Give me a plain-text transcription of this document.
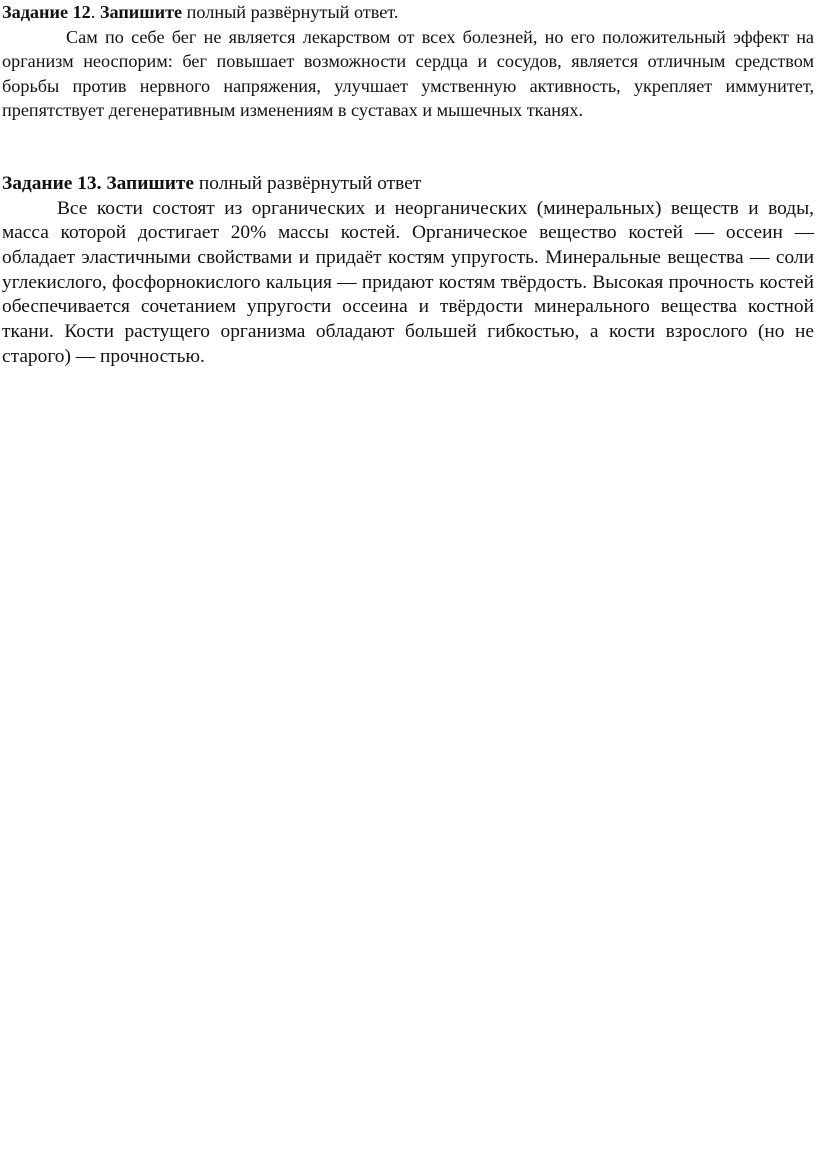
Задание 12. Запишите полный развёрнутый ответ.

Сам по себе бег не является лекарством от всех болезней, но его положительный эффект на организм неоспорим: бег повышает возможности сердца и сосудов, является отличным средством борьбы против нервного напряжения, улучшает умственную активность, укрепляет иммунитет, препятствует дегенеративным изменениям в суставах и мышечных тканях.

Задание 13. Запишите полный развёрнутый ответ

Все кости состоят из органических и неорганических (минеральных) веществ и воды, масса которой достигает 20% массы костей. Органическое вещество костей — оссеин — обладает эластичными свойствами и придаёт костям упругость. Минеральные вещества — соли углекислого, фосфорнокислого кальция — придают костям твёрдость. Высокая прочность костей обеспечивается сочетанием упругости оссеина и твёрдости минерального вещества костной ткани. Кости растущего организма обладают большей гибкостью, а кости взрослого (но не старого) — прочностью.
